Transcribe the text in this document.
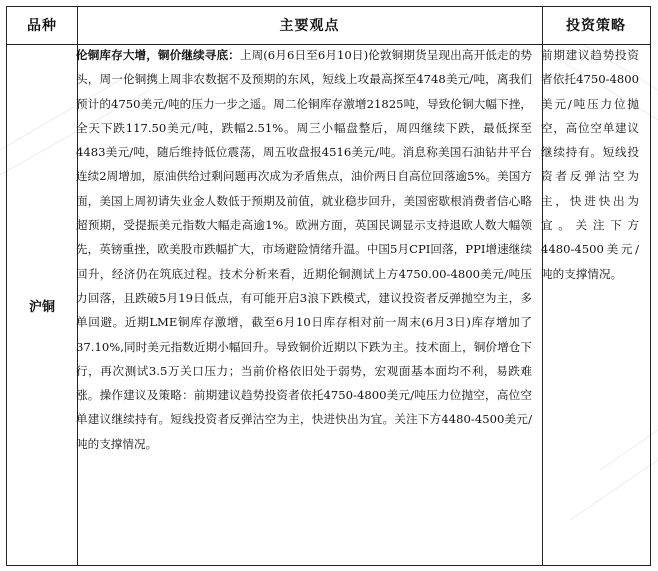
品种	主要观点	投资策略
沪铜
伦铜库存大增，铜价继续寻底：上周(6月6日至6月10日)伦敦铜期货呈现出高开低走的势头，周一伦铜携上周非农数据不及预期的东风，短线上攻最高探至4748美元/吨，离我们预计的4750美元/吨的压力一步之遥。周二伦铜库存激增21825吨，导致伦铜大幅下挫，全天下跌117.50美元/吨，跌幅2.51%。周三小幅盘整后，周四继续下跌，最低探至4483美元/吨，随后维持低位震荡，周五收盘报4516美元/吨。消息称美国石油钻井平台连续2周增加，原油供给过剩问题再次成为矛盾焦点，油价两日自高位回落逾5%。美国方面，美国上周初请失业金人数低于预期及前值，就业稳步回升，美国密歇根消费者信心略超预期，受提振美元指数大幅走高逾1%。欧洲方面，英国民调显示支持退欧人数大幅领先，英镑重挫，欧美股市跌幅扩大，市场避险情绪升温。中国5月CPI回落，PPI增速继续回升，经济仍在筑底过程。技术分析来看，近期伦铜测试上方4750.00-4800美元/吨压力回落，且跌破5月19日低点，有可能开启3浪下跌模式，建议投资者反弹抛空为主，多单回避。近期LME铜库存激增，截至6月10日库存相对前一周末(6月3日)库存增加了37.10%,同时美元指数近期小幅回升。导致铜价近期以下跌为主。技术面上，铜价增仓下行，再次测试3.5万关口压力；当前价格依旧处于弱势，宏观面基本面均不利，易跌难涨。操作建议及策略：前期建议趋势投资者依托4750-4800美元/吨压力位抛空，高位空单建议继续持有。短线投资者反弹沽空为主，快进快出为宜。关注下方4480-4500美元/吨的支撑情况。
前期建议趋势投资者依托4750-4800美元/吨压力位抛空，高位空单建议继续持有。短线投资者反弹沽空为主，快进快出为宜。关注下方4480-4500美元/吨的支撑情况。
